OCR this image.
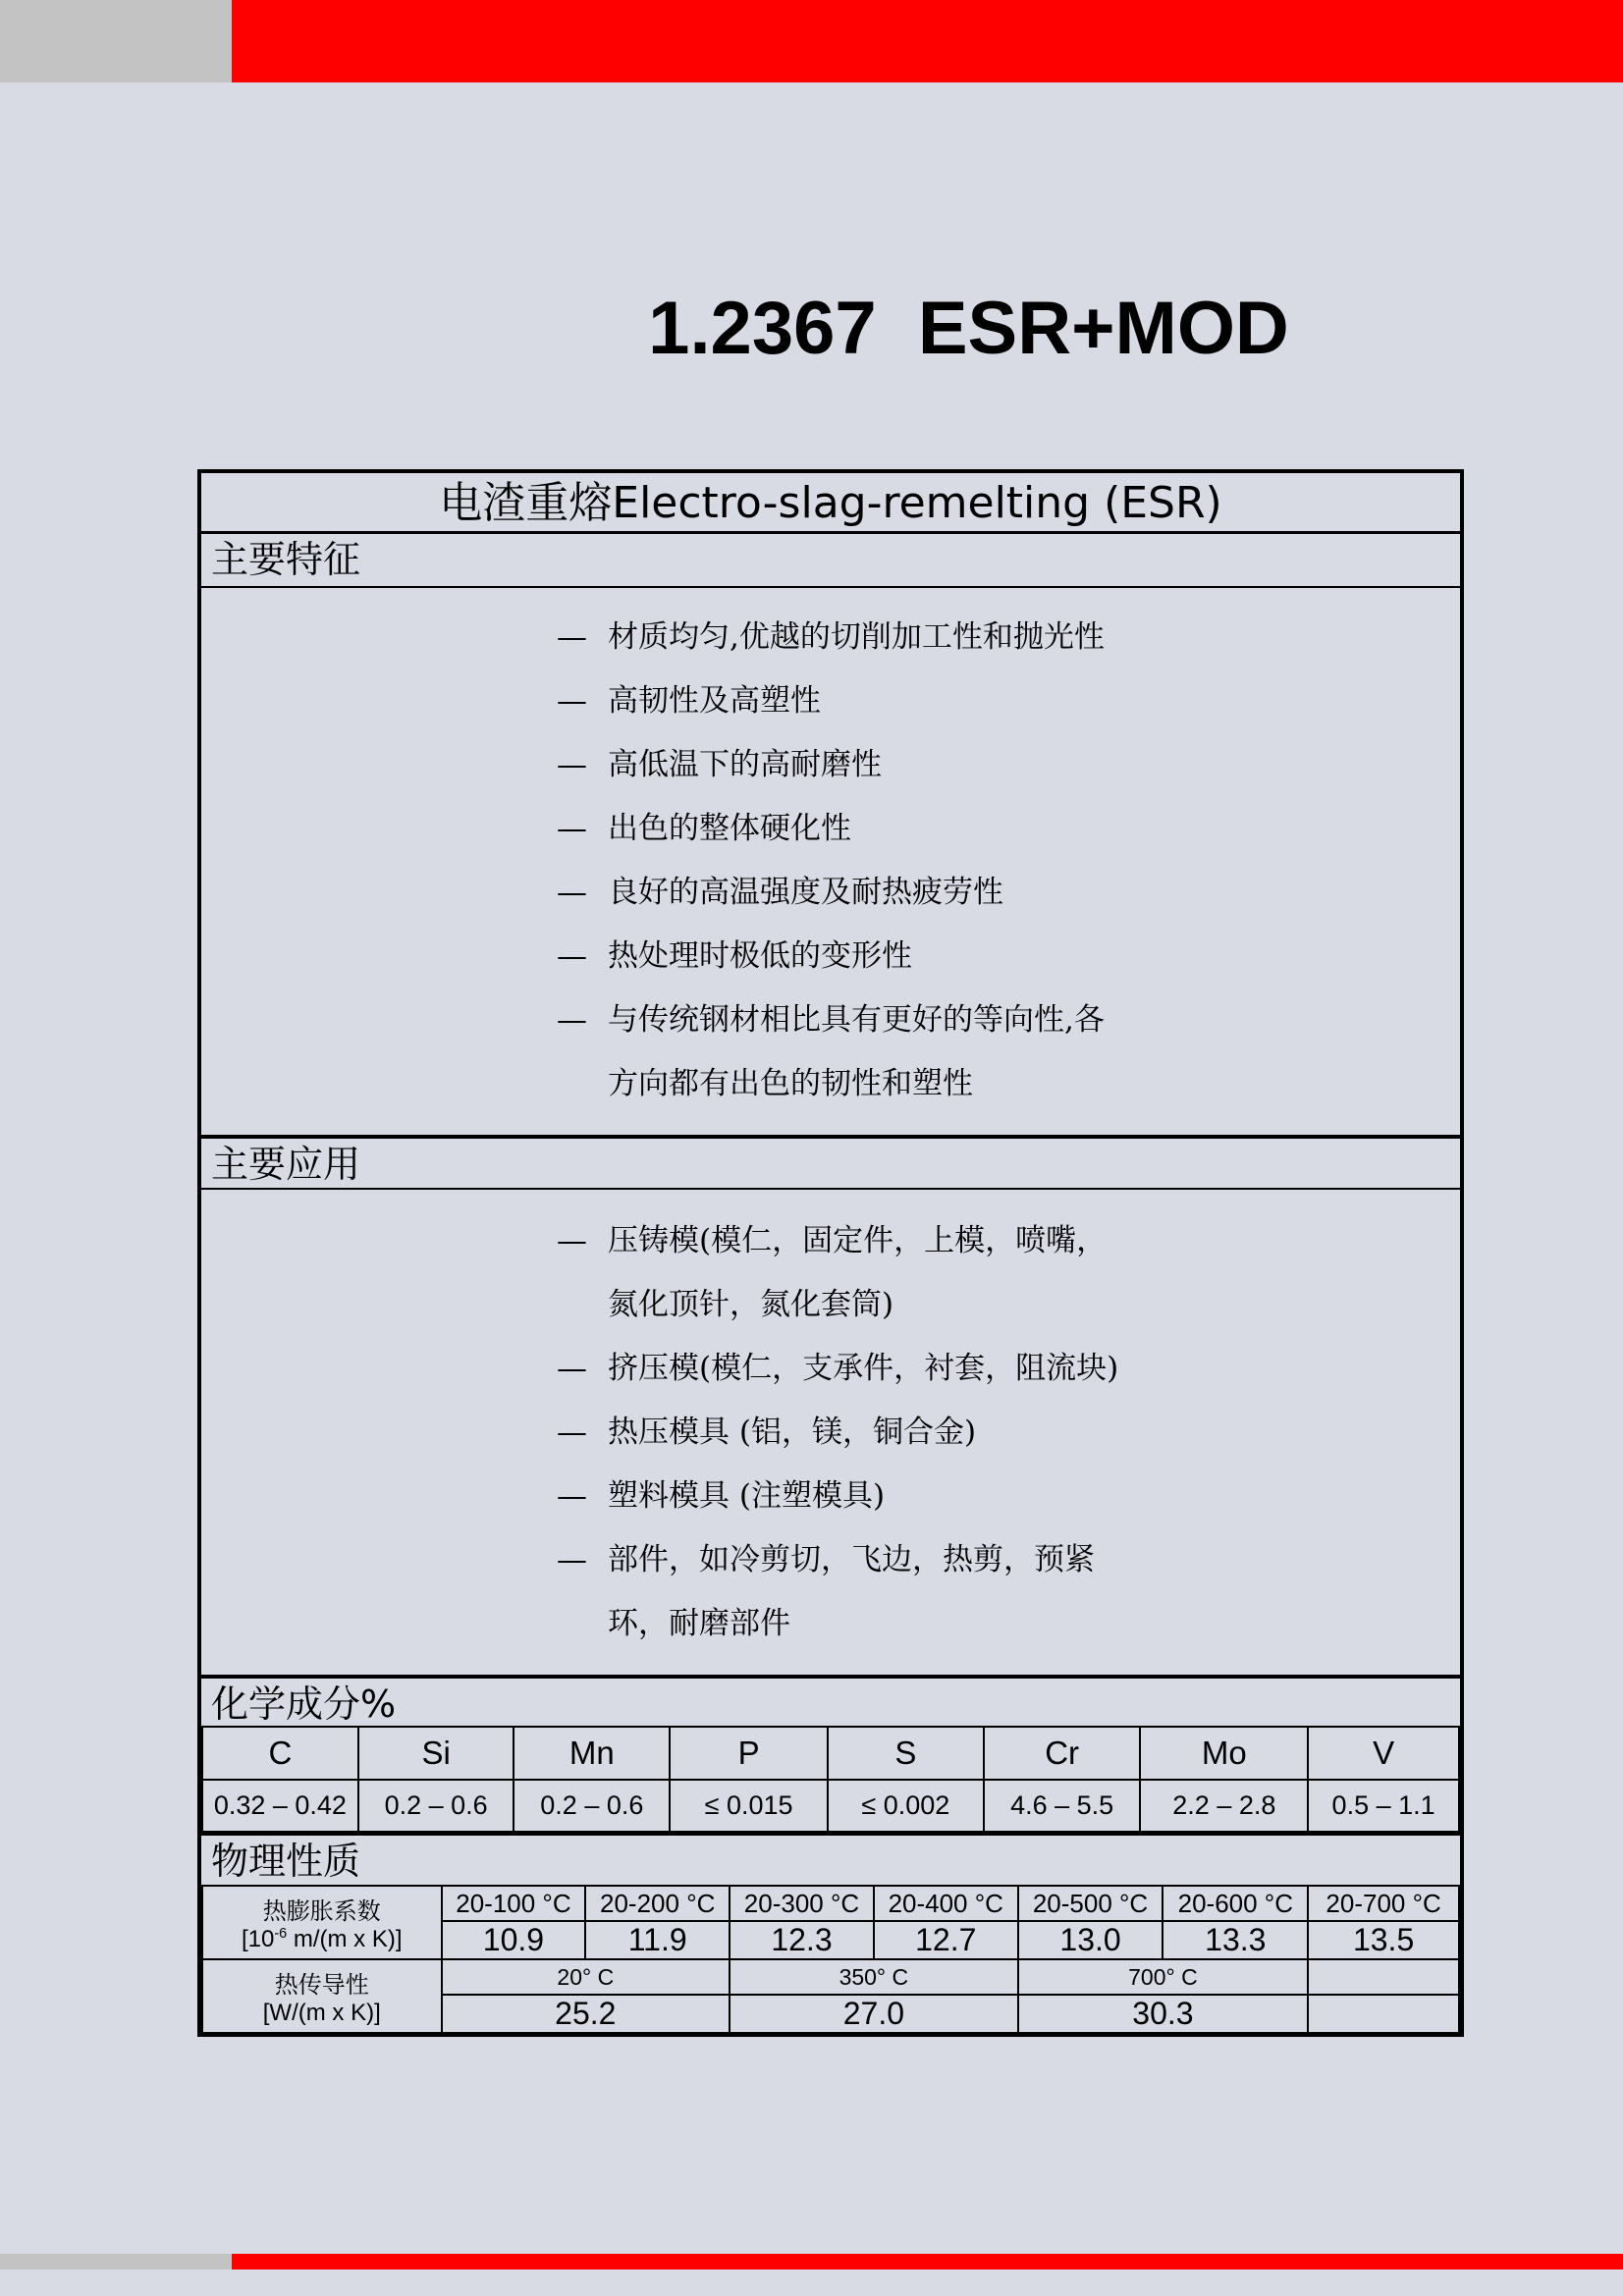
1.2367  ESR+MOD
电渣重熔Electro-slag-remelting (ESR)
主要特征
— 材质均匀,优越的切削加工性和抛光性
— 高韧性及高塑性
— 高低温下的高耐磨性
— 出色的整体硬化性
— 良好的高温强度及耐热疲劳性
— 热处理时极低的变形性
— 与传统钢材相比具有更好的等向性,各
方向都有出色的韧性和塑性
主要应用
— 压铸模(模仁，固定件，上模，喷嘴，
氮化顶针，氮化套筒)
— 挤压模(模仁，支承件，衬套，阻流块)
— 热压模具 (铝，镁，铜合金)
— 塑料模具 (注塑模具)
— 部件，如冷剪切，飞边，热剪，预紧
环，耐磨部件
化学成分%
C	Si	Mn	P	S	Cr	Mo	V
0.32 – 0.42	0.2 – 0.6	0.2 – 0.6	≤ 0.015	≤ 0.002	4.6 – 5.5	2.2 – 2.8	0.5 – 1.1
物理性质
热膨胀系数
[$10^{-6}$ m/(m x K)]	20-100 °C	20-200 °C	20-300 °C	20-400 °C	20-500 °C	20-600 °C	20-700 °C
	10.9	11.9	12.3	12.7	13.0	13.3	13.5

热传导性
[W/(m x K)]	20° C		350° C		700° C		
	25.2		27.0		30.3		
